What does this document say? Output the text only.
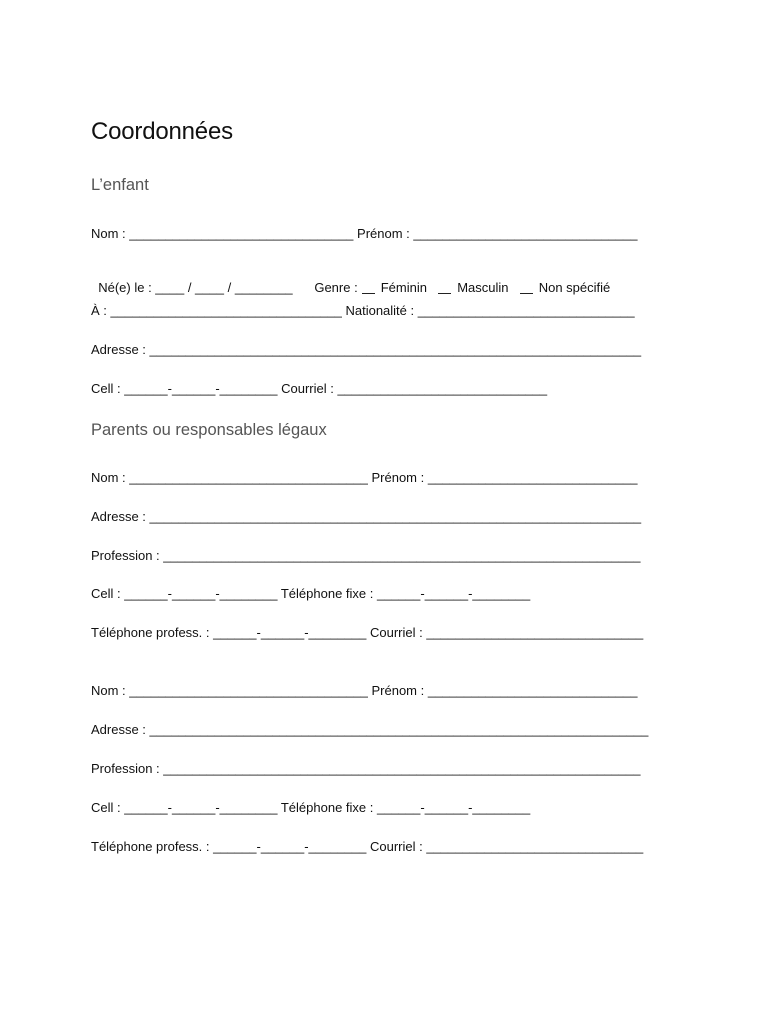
Coordonnées
L’enfant
Nom : _______________________________ Prénom : _______________________________

Né(e) le : ____ / ____ / ________ Genre : Féminin Masculin Non spécifié

À : ________________________________ Nationalité : ______________________________
Adresse : ____________________________________________________________________
Cell : ______-______-________ Courriel : _____________________________
Parents ou responsables légaux
Nom : _________________________________ Prénom : _____________________________
Adresse : ____________________________________________________________________
Profession : __________________________________________________________________
Cell : ______-______-________ Téléphone fixe : ______-______-________
Téléphone profess. : ______-______-________ Courriel : ______________________________
Nom : _________________________________ Prénom : _____________________________
Adresse : _____________________________________________________________________
Profession : __________________________________________________________________
Cell : ______-______-________ Téléphone fixe : ______-______-________
Téléphone profess. : ______-______-________ Courriel : ______________________________
